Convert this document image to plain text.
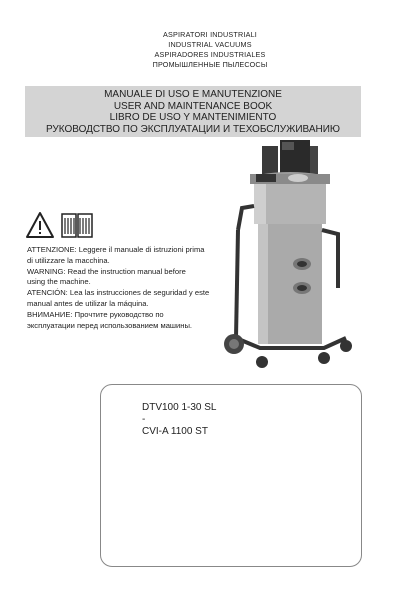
ASPIRATORI INDUSTRIALI
INDUSTRIAL VACUUMS
ASPIRADORES INDUSTRIALES
ПРОМЫШЛЕННЫЕ ПЫЛЕСОСЫ
MANUALE DI USO E MANUTENZIONE
USER AND MAINTENANCE BOOK
LIBRO DE USO Y MANTENIMIENTO
РУКОВОДСТВО ПО ЭКСПЛУАТАЦИИ И ТЕХОБСЛУЖИВАНИЮ
ATTENZIONE: Leggere il manuale di istruzioni prima
di utilizzare la macchina.
WARNING: Read the instruction manual before
using the machine.
ATENCIÓN: Lea las instrucciones de seguridad y este
manual antes de utilizar la máquina.
ВНИМАНИЕ: Прочтите руководство по
эксплуатации перед использованием машины.
DTV100 1-30 SL
-
CVI-A 1100 ST
